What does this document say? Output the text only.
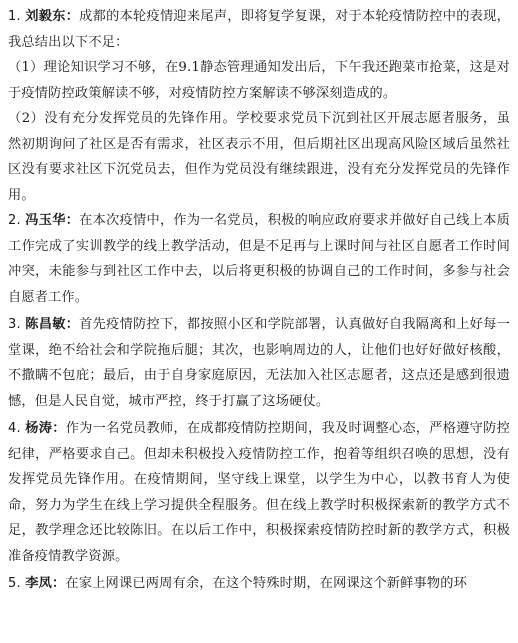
1. 刘毅东：成都的本轮疫情迎来尾声，即将复学复课，对于本轮疫情防控中的表现，我总结出以下不足：

（1）理论知识学习不够，在9.1静态管理通知发出后，下午我还跑菜市抢菜，这是对于疫情防控政策解读不够，对疫情防控方案解读不够深刻造成的。

（2）没有充分发挥党员的先锋作用。学校要求党员下沉到社区开展志愿者服务，虽然初期询问了社区是否有需求，社区表示不用，但后期社区出现高风险区域后虽然社区没有要求社区下沉党员去，但作为党员没有继续跟进，没有充分发挥党员的先锋作用。

2. 冯玉华：在本次疫情中，作为一名党员，积极的响应政府要求并做好自己线上本质工作完成了实训教学的线上教学活动，但是不足再与上课时间与社区自愿者工作时间冲突，未能参与到社区工作中去，以后将更积极的协调自己的工作时间，多参与社会自愿者工作。

3. 陈昌敏：首先疫情防控下，都按照小区和学院部署，认真做好自我隔离和上好每一堂课，绝不给社会和学院拖后腿；其次，也影响周边的人，让他们也好好做好核酸，不撒瞒不包庇；最后，由于自身家庭原因，无法加入社区志愿者，这点还是感到很遗憾，但是人民自觉，城市严控，终于打赢了这场硬仗。

4. 杨涛：作为一名党员教师，在成都疫情防控期间，我及时调整心态，严格遵守防控纪律，严格要求自己。但却未积极投入疫情防控工作，抱着等组织召唤的思想，没有发挥党员先锋作用。在疫情期间，坚守线上课堂，以学生为中心，以教书育人为使命，努力为学生在线上学习提供全程服务。但在线上教学时积极探索新的教学方式不足，教学理念还比较陈旧。在以后工作中，积极探索疫情防控时新的教学方式，积极准备疫情教学资源。

5. 李凤：在家上网课已两周有余，在这个特殊时期，在网课这个新鲜事物的环
